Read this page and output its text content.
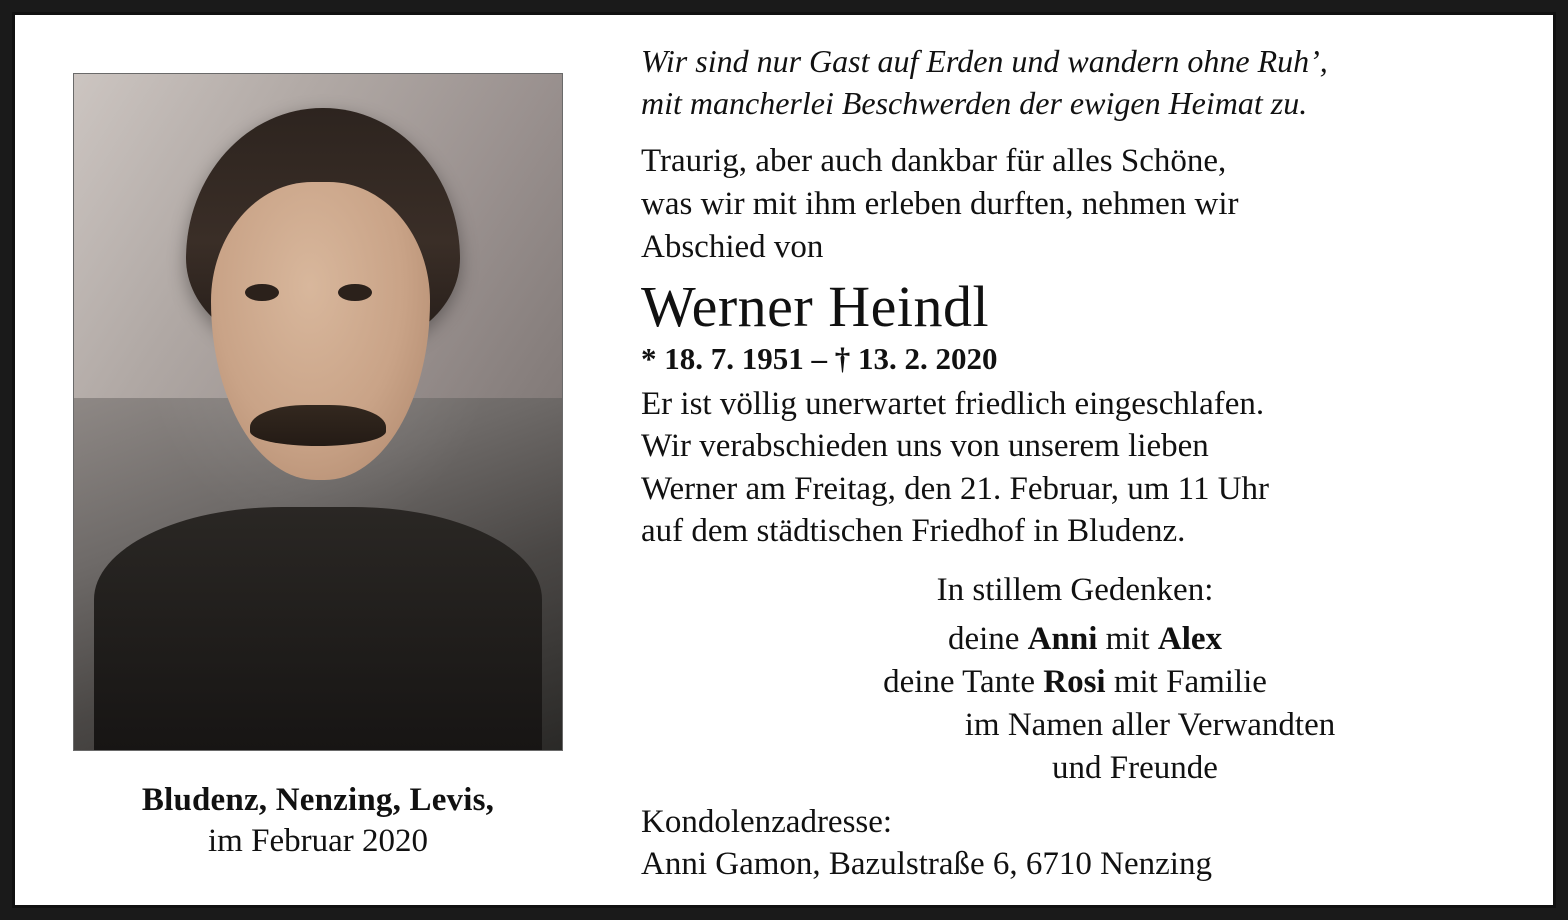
Bludenz, Nenzing, Levis,
im Februar 2020
Wir sind nur Gast auf Erden und wandern ohne Ruh’,
mit mancherlei Beschwerden der ewigen Heimat zu.
Traurig, aber auch dankbar für alles Schöne,
was wir mit ihm erleben durften, nehmen wir
Abschied von
Werner Heindl
* 18. 7. 1951 – † 13. 2. 2020
Er ist völlig unerwartet friedlich eingeschlafen.
Wir verabschieden uns von unserem lieben
Werner am Freitag, den 21. Februar, um 11 Uhr
auf dem städtischen Friedhof in Bludenz.
In stillem Gedenken:
deine Anni mit Alex
deine Tante Rosi mit Familie
im Namen aller Verwandten
und Freunde
Kondolenzadresse:
Anni Gamon, Bazulstraße 6, 6710 Nenzing
